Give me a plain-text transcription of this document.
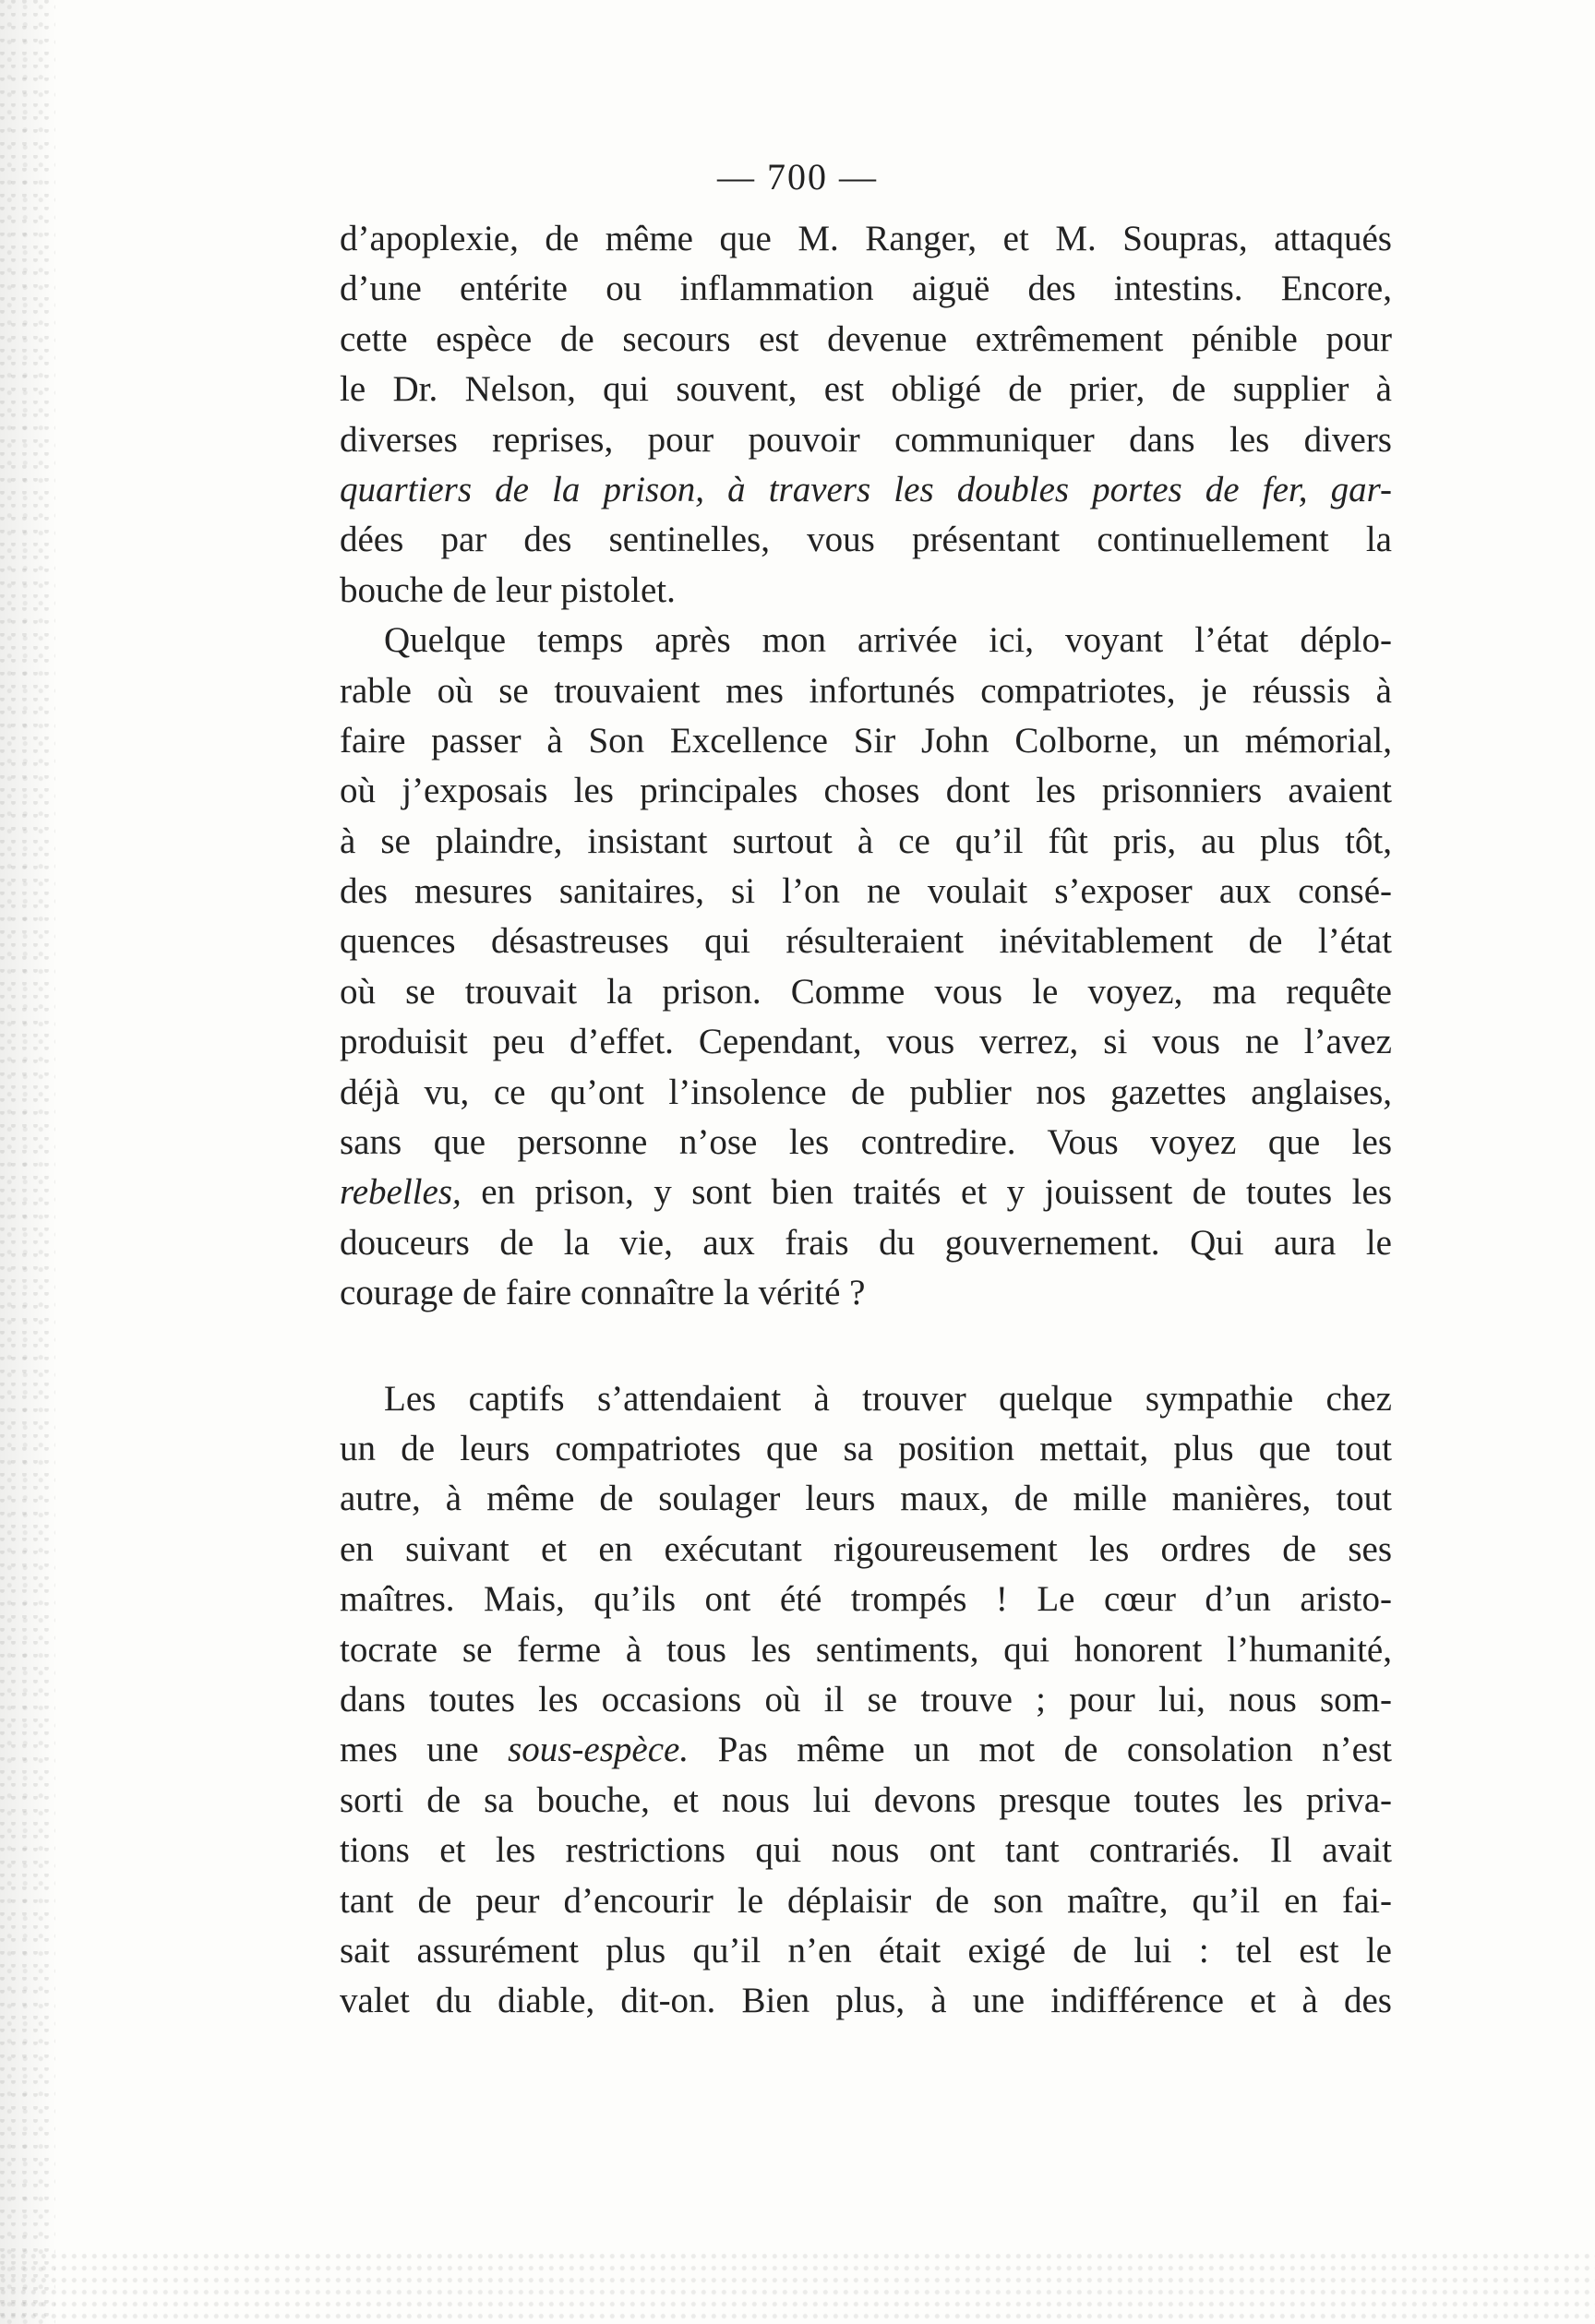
— 700 —
d’apoplexie, de même que M. Ranger, et M. Soupras, attaqués
d’une entérite ou inflammation aiguë des intestins. Encore,
cette espèce de secours est devenue extrêmement pénible pour
le Dr. Nelson, qui souvent, est obligé de prier, de supplier à
diverses reprises, pour pouvoir communiquer dans les divers
quartiers de la prison, à travers les doubles portes de fer, gar-
dées par des sentinelles, vous présentant continuellement la
bouche de leur pistolet.
Quelque temps après mon arrivée ici, voyant l’état déplo-
rable où se trouvaient mes infortunés compatriotes, je réussis à
faire passer à Son Excellence Sir John Colborne, un mémorial,
où j’exposais les principales choses dont les prisonniers avaient
à se plaindre, insistant surtout à ce qu’il fût pris, au plus tôt,
des mesures sanitaires, si l’on ne voulait s’exposer aux consé-
quences désastreuses qui résulteraient inévitablement de l’état
où se trouvait la prison. Comme vous le voyez, ma requête
produisit peu d’effet. Cependant, vous verrez, si vous ne l’avez
déjà vu, ce qu’ont l’insolence de publier nos gazettes anglaises,
sans que personne n’ose les contredire. Vous voyez que les
rebelles, en prison, y sont bien traités et y jouissent de toutes les
douceurs de la vie, aux frais du gouvernement. Qui aura le
courage de faire connaître la vérité ?
Les captifs s’attendaient à trouver quelque sympathie chez
un de leurs compatriotes que sa position mettait, plus que tout
autre, à même de soulager leurs maux, de mille manières, tout
en suivant et en exécutant rigoureusement les ordres de ses
maîtres. Mais, qu’ils ont été trompés ! Le cœur d’un aristo-
tocrate se ferme à tous les sentiments, qui honorent l’humanité,
dans toutes les occasions où il se trouve ; pour lui, nous som-
mes une sous-espèce. Pas même un mot de consolation n’est
sorti de sa bouche, et nous lui devons presque toutes les priva-
tions et les restrictions qui nous ont tant contrariés. Il avait
tant de peur d’encourir le déplaisir de son maître, qu’il en fai-
sait assurément plus qu’il n’en était exigé de lui : tel est le
valet du diable, dit-on. Bien plus, à une indifférence et à des
